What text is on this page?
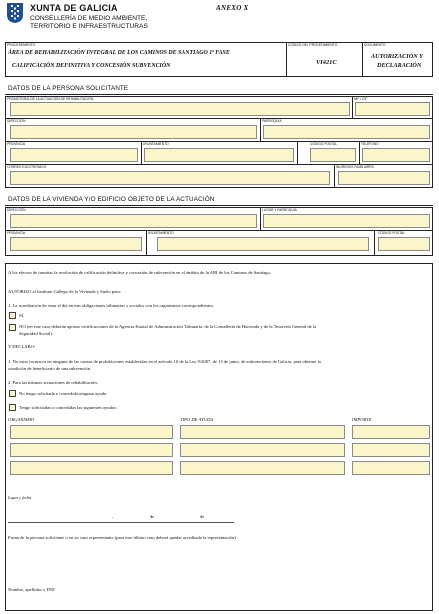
XUNTA DE GALICIA
CONSELLERÍA DE MEDIO AMBIENTE,
TERRITORIO E INFRAESTRUCTURAS
ANEXO X
PROCEDEMENTO
ÁREA DE REHABILITACIÓN INTEGRAL DE LOS CAMINOS DE SANTIAGO 1ª FASE
CALIFICACIÓN DEFINITIVA Y CONCESIÓN SUBVENCIÓN
CÓDIGO DEL PROCEDIMIENTO
VI421C
DOCUMENTO
AUTORIZACIÓN Y
DECLARACIÓN
DATOS DE LA PERSONA SOLICITANTE
PROMOTOR/A DE LA ACTUACIÓN DE REHABILITACIÓN	NIF / CIF
DIRECCIÓN	PARROQUIA
PROVINCIA	AYUNTAMIENTO	CÓDIGO POSTAL	TELÉFONO
CORREO ELECTRÓNICO	INGRESOS FAMILIARES
DATOS DE LA VIVIENDA Y/O EDIFICIO OBJETO DE LA ACTUACIÓN
DIRECCIÓN	LUGAR Y PARROQUIA
PROVINCIA	AYUNTAMIENTO	CÓDIGO POSTAL
A los efectos de tramitar la resolución de calificación definitiva y concesión de subvención en el ámbito de la ARI de los Caminos de Santiago,
AUTORIZO al Instituto Gallego de la Vivienda y Suelo para:
1. La acreditación de estar al día en mis obligaciones tributarias y sociales con los organismos correspondientes.
SÍ.
NO (en este caso deberán aportar certificaciones de la Agencia Estatal de Administración Tributaria, de la Consellería de Hacienda y de la Tesorería General de la
Seguridad Social).
Y DECLARO:
1. No estar incurso/a en ninguna de las causas de prohibiciones establecidas en el artículo 10 de la Ley 9/2007, de 13 de junio, de subvenciones de Galicia, para obtener la
condición de beneficiario de una subvención.
2. Para las mismas actuaciones de rehabilitación:
No tengo solicitada o concedida ninguna ayuda.
Tengo solicitadas o concedidas las siguientes ayudas:
ORGANISMO	TIPO DE AYUDA	IMPORTE
Lugar y fecha
,	de	de
Firma de la persona solicitante o en su caso representante (para este último caso deberá quedar acreditada la representación)
Nombre, apellidos y DNI
